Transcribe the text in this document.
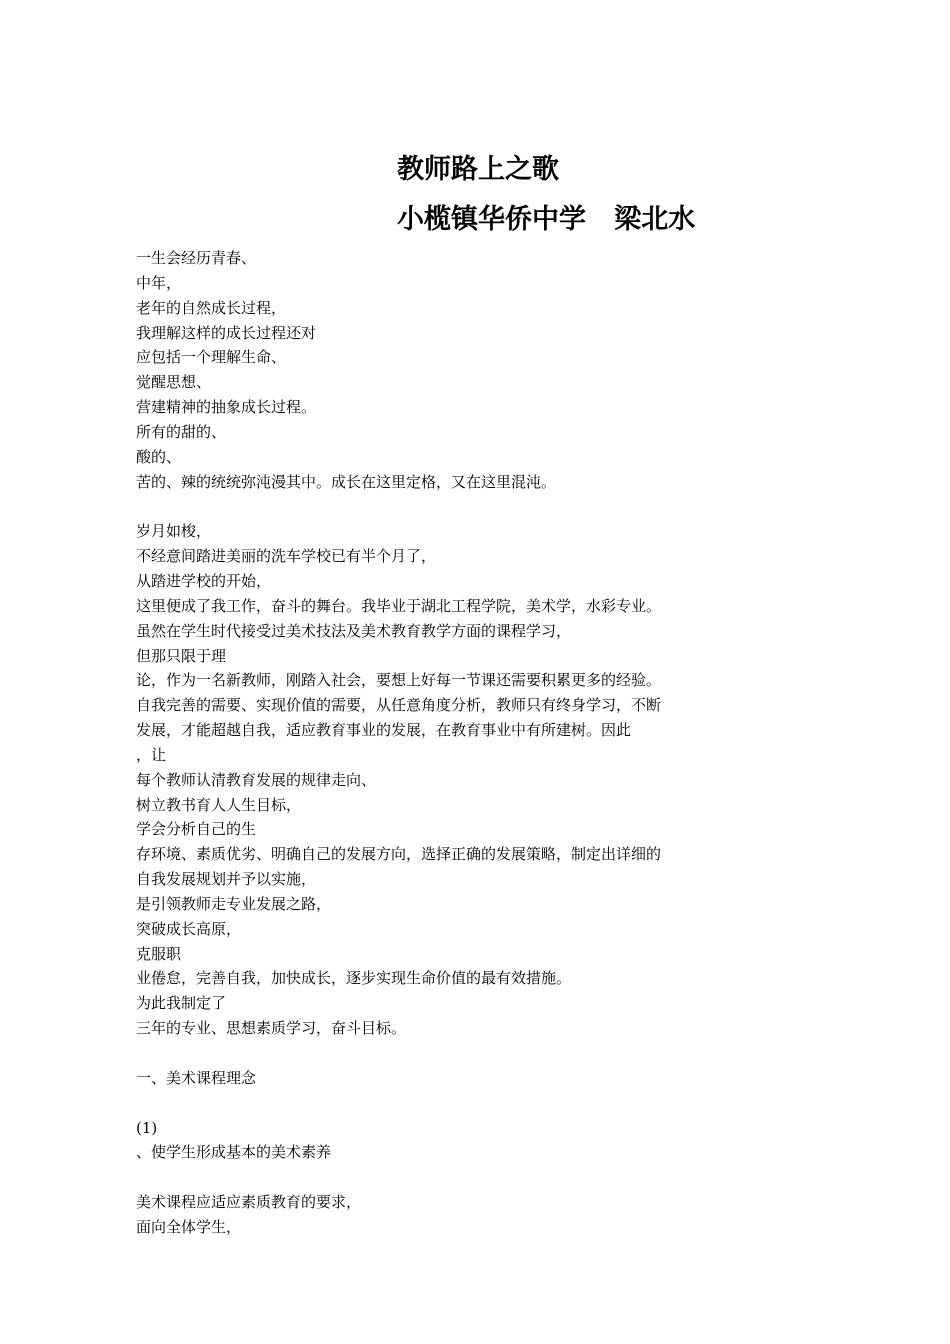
教师路上之歌
小榄镇华侨中学   梁北水
一生会经历青春、
中年，
老年的自然成长过程，
我理解这样的成长过程还对
应包括一个理解生命、
觉醒思想、
营建精神的抽象成长过程。
所有的甜的、
酸的、
苦的、辣的统统弥沌漫其中。成长在这里定格，又在这里混沌。
岁月如梭，
不经意间踏进美丽的洗车学校已有半个月了，
从踏进学校的开始，
这里便成了我工作，奋斗的舞台。我毕业于湖北工程学院，美术学，水彩专业。
虽然在学生时代接受过美术技法及美术教育教学方面的课程学习，
但那只限于理
论，作为一名新教师，刚踏入社会，要想上好每一节课还需要积累更多的经验。
自我完善的需要、实现价值的需要，从任意角度分析，教师只有终身学习，不断
发展，才能超越自我，适应教育事业的发展，在教育事业中有所建树。因此
，让
每个教师认清教育发展的规律走向、
树立教书育人人生目标，
学会分析自己的生
存环境、素质优劣、明确自己的发展方向，选择正确的发展策略，制定出详细的
自我发展规划并予以实施，
是引领教师走专业发展之路，
突破成长高原，
克服职
业倦怠，完善自我，加快成长，逐步实现生命价值的最有效措施。
为此我制定了
三年的专业、思想素质学习，奋斗目标。
一、美术课程理念
(1)
、使学生形成基本的美术素养
美术课程应适应素质教育的要求，
面向全体学生，
